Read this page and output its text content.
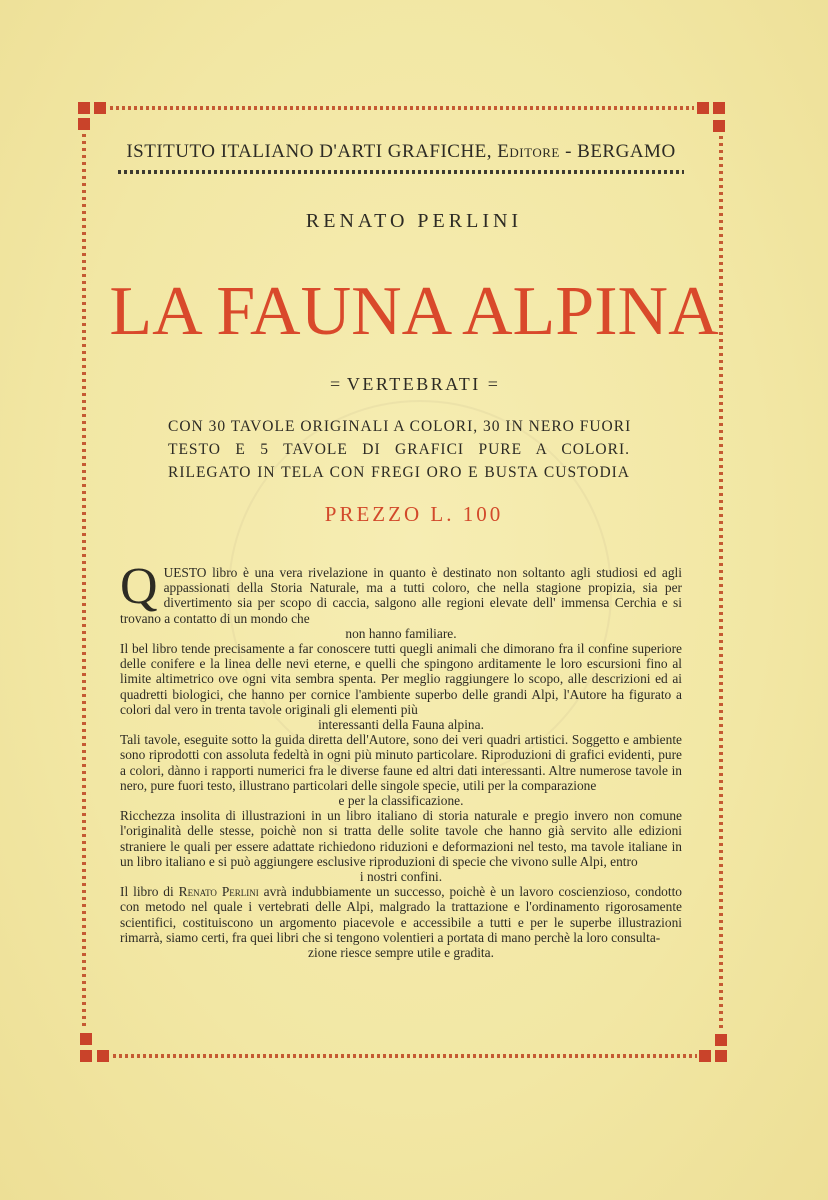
ISTITUTO ITALIANO D'ARTI GRAFICHE, Editore - BERGAMO
RENATO PERLINI
LA FAUNA ALPINA
= VERTEBRATI =
CON 30 TAVOLE ORIGINALI A COLORI, 30 IN NERO FUORI
TESTO E 5 TAVOLE DI GRAFICI PURE A COLORI.
RILEGATO IN TELA CON FREGI ORO E BUSTA CUSTODIA
PREZZO L. 100

QUESTO libro è una vera rivelazione in quanto è destinato non soltanto agli studiosi ed agli appassionati della Storia Naturale, ma a tutti coloro, che nella stagione propizia, sia per divertimento sia per scopo di caccia, salgono alle regioni elevate dell' immensa Cerchia e si trovano a contatto di un mondo che
non hanno familiare.

Il bel libro tende precisamente a far conoscere tutti quegli animali che dimorano fra il confine superiore delle conifere e la linea delle nevi eterne, e quelli che spingono arditamente le loro escursioni fino al limite altimetrico ove ogni vita sembra spenta. Per meglio raggiungere lo scopo, alle descrizioni ed ai quadretti biologici, che hanno per cornice l'ambiente superbo delle grandi Alpi, l'Autore ha figurato a colori dal vero in trenta tavole originali gli elementi più
interessanti della Fauna alpina.

Tali tavole, eseguite sotto la guida diretta dell'Autore, sono dei veri quadri artistici. Soggetto e ambiente sono riprodotti con assoluta fedeltà in ogni più minuto particolare. Riproduzioni di grafici evidenti, pure a colori, dànno i rapporti numerici fra le diverse faune ed altri dati interessanti. Altre numerose tavole in nero, pure fuori testo, illustrano particolari delle singole specie, utili per la comparazione
e per la classificazione.

Ricchezza insolita di illustrazioni in un libro italiano di storia naturale e pregio invero non comune l'originalità delle stesse, poichè non si tratta delle solite tavole che hanno già servito alle edizioni straniere le quali per essere adattate richiedono riduzioni e deformazioni nel testo, ma tavole italiane in un libro italiano e si può aggiungere esclusive riproduzioni di specie che vivono sulle Alpi, entro
i nostri confini.

Il libro di Renato Perlini avrà indubbiamente un successo, poichè è un lavoro coscienzioso, condotto con metodo nel quale i vertebrati delle Alpi, malgrado la trattazione e l'ordinamento rigorosamente scientifici, costituiscono un argomento piacevole e accessibile a tutti e per le superbe illustrazioni rimarrà, siamo certi, fra quei libri che si tengono volentieri a portata di mano perchè la loro consulta-
zione riesce sempre utile e gradita.
